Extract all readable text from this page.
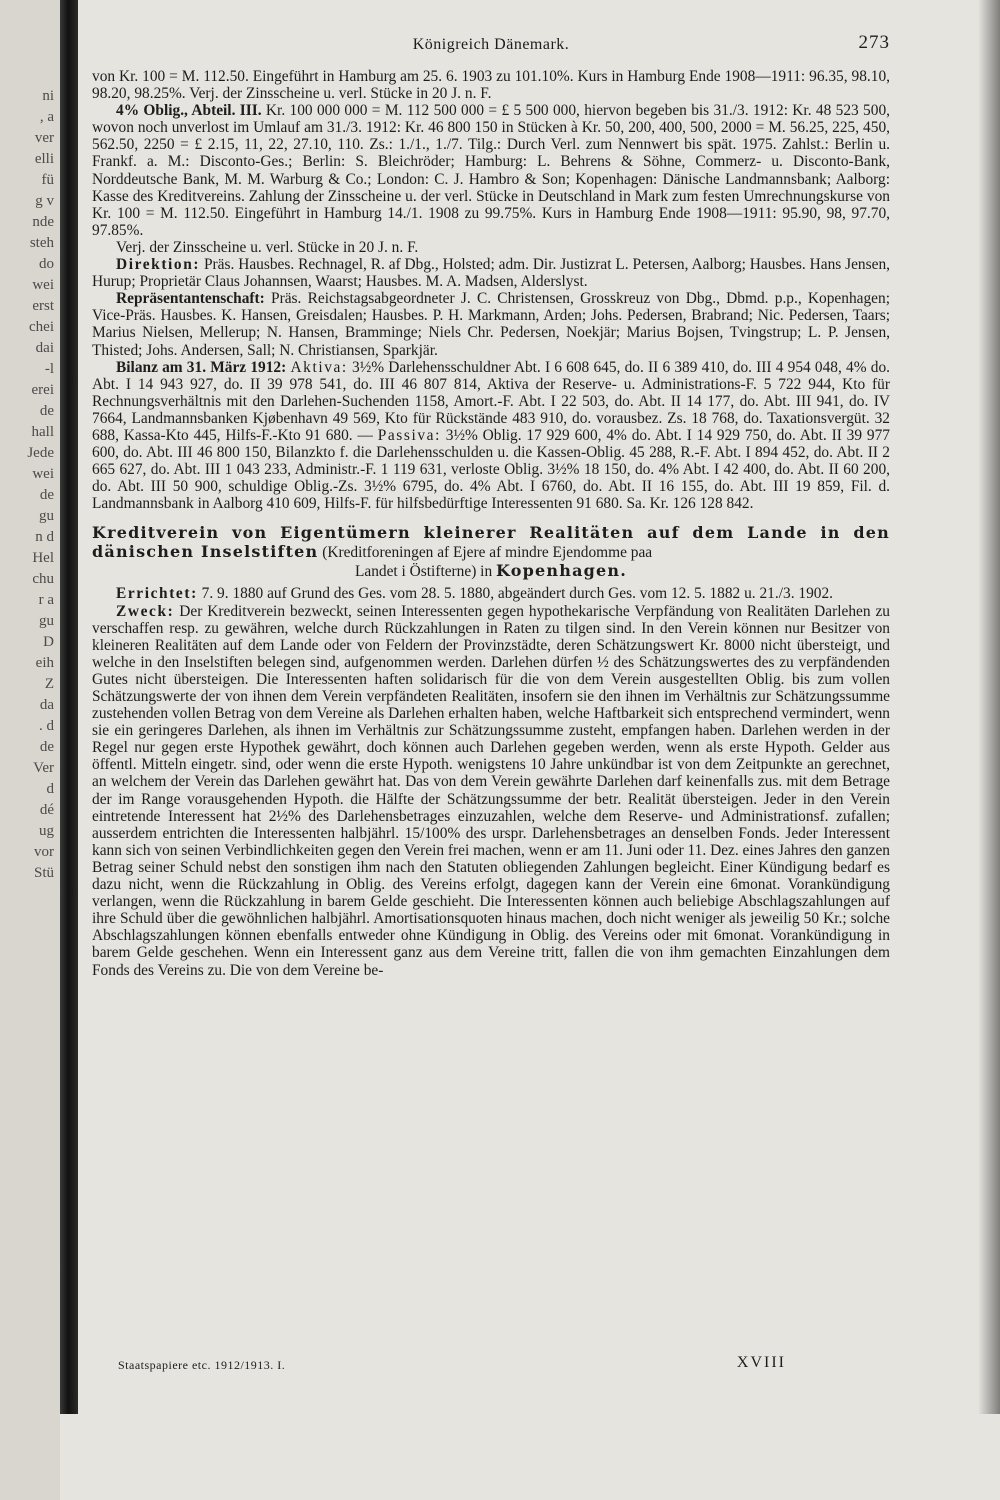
ni
, a
ver
elli
fü
g v
nde
steh
do
wei
erst
chei
dai
-l
erei
de
hall
Jede
wei
de
gu
n d
Hel
chu
r a
gu
D
eih
Z
da
. d
de
Ver
d
dé
ug
vor
Stü
Königreich Dänemark.	273

von Kr. 100 = M. 112.50. Eingeführt in Hamburg am 25. 6. 1903 zu 101.10%. Kurs in Hamburg Ende 1908—1911: 96.35, 98.10, 98.20, 98.25%. Verj. der Zinsscheine u. verl. Stücke in 20 J. n. F.

4% Oblig., Abteil. III. Kr. 100 000 000 = M. 112 500 000 = £ 5 500 000, hiervon begeben bis 31./3. 1912: Kr. 48 523 500, wovon noch unverlost im Umlauf am 31./3. 1912: Kr. 46 800 150 in Stücken à Kr. 50, 200, 400, 500, 2000 = M. 56.25, 225, 450, 562.50, 2250 = £ 2.15, 11, 22, 27.10, 110. Zs.: 1./1., 1./7. Tilg.: Durch Verl. zum Nennwert bis spät. 1975. Zahlst.: Berlin u. Frankf. a. M.: Disconto-Ges.; Berlin: S. Bleichröder; Hamburg: L. Behrens & Söhne, Commerz- u. Disconto-Bank, Norddeutsche Bank, M. M. Warburg & Co.; London: C. J. Hambro & Son; Kopenhagen: Dänische Landmannsbank; Aalborg: Kasse des Kreditvereins. Zahlung der Zinsscheine u. der verl. Stücke in Deutschland in Mark zum festen Umrechnungskurse von Kr. 100 = M. 112.50. Eingeführt in Hamburg 14./1. 1908 zu 99.75%. Kurs in Hamburg Ende 1908—1911: 95.90, 98, 97.70, 97.85%.

Verj. der Zinsscheine u. verl. Stücke in 20 J. n. F.

Direktion: Präs. Hausbes. Rechnagel, R. af Dbg., Holsted; adm. Dir. Justizrat L. Petersen, Aalborg; Hausbes. Hans Jensen, Hurup; Proprietär Claus Johannsen, Waarst; Hausbes. M. A. Madsen, Alderslyst.

Repräsentantenschaft: Präs. Reichstagsabgeordneter J. C. Christensen, Grosskreuz von Dbg., Dbmd. p.p., Kopenhagen; Vice-Präs. Hausbes. K. Hansen, Greisdalen; Hausbes. P. H. Markmann, Arden; Johs. Pedersen, Brabrand; Nic. Pedersen, Taars; Marius Nielsen, Mellerup; N. Hansen, Bramminge; Niels Chr. Pedersen, Noekjär; Marius Bojsen, Tvingstrup; L. P. Jensen, Thisted; Johs. Andersen, Sall; N. Christiansen, Sparkjär.

Bilanz am 31. März 1912: Aktiva: 3½% Darlehensschuldner Abt. I 6 608 645, do. II 6 389 410, do. III 4 954 048, 4% do. Abt. I 14 943 927, do. II 39 978 541, do. III 46 807 814, Aktiva der Reserve- u. Administrations-F. 5 722 944, Kto für Rechnungsverhältnis mit den Darlehen-Suchenden 1158, Amort.-F. Abt. I 22 503, do. Abt. II 14 177, do. Abt. III 941, do. IV 7664, Landmannsbanken Kjøbenhavn 49 569, Kto für Rückstände 483 910, do. vorausbez. Zs. 18 768, do. Taxationsvergüt. 32 688, Kassa-Kto 445, Hilfs-F.-Kto 91 680. — Passiva: 3½% Oblig. 17 929 600, 4% do. Abt. I 14 929 750, do. Abt. II 39 977 600, do. Abt. III 46 800 150, Bilanzkto f. die Darlehensschulden u. die Kassen-Oblig. 45 288, R.-F. Abt. I 894 452, do. Abt. II 2 665 627, do. Abt. III 1 043 233, Administr.-F. 1 119 631, verloste Oblig. 3½% 18 150, do. 4% Abt. I 42 400, do. Abt. II 60 200, do. Abt. III 50 900, schuldige Oblig.-Zs. 3½% 6795, do. 4% Abt. I 6760, do. Abt. II 16 155, do. Abt. III 19 859, Fil. d. Landmannsbank in Aalborg 410 609, Hilfs-F. für hilfsbedürftige Interessenten 91 680. Sa. Kr. 126 128 842.

Kreditverein von Eigentümern kleinerer Realitäten auf dem Lande in den dänischen Inselstiften (Kreditforeningen af Ejere af mindre Ejendomme paa
Landet i Östifterne) in Kopenhagen.

Errichtet: 7. 9. 1880 auf Grund des Ges. vom 28. 5. 1880, abgeändert durch Ges. vom 12. 5. 1882 u. 21./3. 1902.

Zweck: Der Kreditverein bezweckt, seinen Interessenten gegen hypothekarische Verpfändung von Realitäten Darlehen zu verschaffen resp. zu gewähren, welche durch Rückzahlungen in Raten zu tilgen sind. In den Verein können nur Besitzer von kleineren Realitäten auf dem Lande oder von Feldern der Provinzstädte, deren Schätzungswert Kr. 8000 nicht übersteigt, und welche in den Inselstiften belegen sind, aufgenommen werden. Darlehen dürfen ½ des Schätzungswertes des zu verpfändenden Gutes nicht übersteigen. Die Interessenten haften solidarisch für die von dem Verein ausgestellten Oblig. bis zum vollen Schätzungswerte der von ihnen dem Verein verpfändeten Realitäten, insofern sie den ihnen im Verhältnis zur Schätzungssumme zustehenden vollen Betrag von dem Vereine als Darlehen erhalten haben, welche Haftbarkeit sich entsprechend vermindert, wenn sie ein geringeres Darlehen, als ihnen im Verhältnis zur Schätzungssumme zusteht, empfangen haben. Darlehen werden in der Regel nur gegen erste Hypothek gewährt, doch können auch Darlehen gegeben werden, wenn als erste Hypoth. Gelder aus öffentl. Mitteln eingetr. sind, oder wenn die erste Hypoth. wenigstens 10 Jahre unkündbar ist von dem Zeitpunkte an gerechnet, an welchem der Verein das Darlehen gewährt hat. Das von dem Verein gewährte Darlehen darf keinenfalls zus. mit dem Betrage der im Range vorausgehenden Hypoth. die Hälfte der Schätzungssumme der betr. Realität übersteigen. Jeder in den Verein eintretende Interessent hat 2½% des Darlehensbetrages einzuzahlen, welche dem Reserve- und Administrationsf. zufallen; ausserdem entrichten die Interessenten halbjährl. 15/100% des urspr. Darlehensbetrages an denselben Fonds. Jeder Interessent kann sich von seinen Verbindlichkeiten gegen den Verein frei machen, wenn er am 11. Juni oder 11. Dez. eines Jahres den ganzen Betrag seiner Schuld nebst den sonstigen ihm nach den Statuten obliegenden Zahlungen begleicht. Einer Kündigung bedarf es dazu nicht, wenn die Rückzahlung in Oblig. des Vereins erfolgt, dagegen kann der Verein eine 6monat. Vorankündigung verlangen, wenn die Rückzahlung in barem Gelde geschieht. Die Interessenten können auch beliebige Abschlagszahlungen auf ihre Schuld über die gewöhnlichen halbjährl. Amortisationsquoten hinaus machen, doch nicht weniger als jeweilig 50 Kr.; solche Abschlagszahlungen können ebenfalls entweder ohne Kündigung in Oblig. des Vereins oder mit 6monat. Vorankündigung in barem Gelde geschehen. Wenn ein Interessent ganz aus dem Vereine tritt, fallen die von ihm gemachten Einzahlungen dem Fonds des Vereins zu. Die von dem Vereine be-

Staatspapiere etc. 1912/1913. I.	XVIII
